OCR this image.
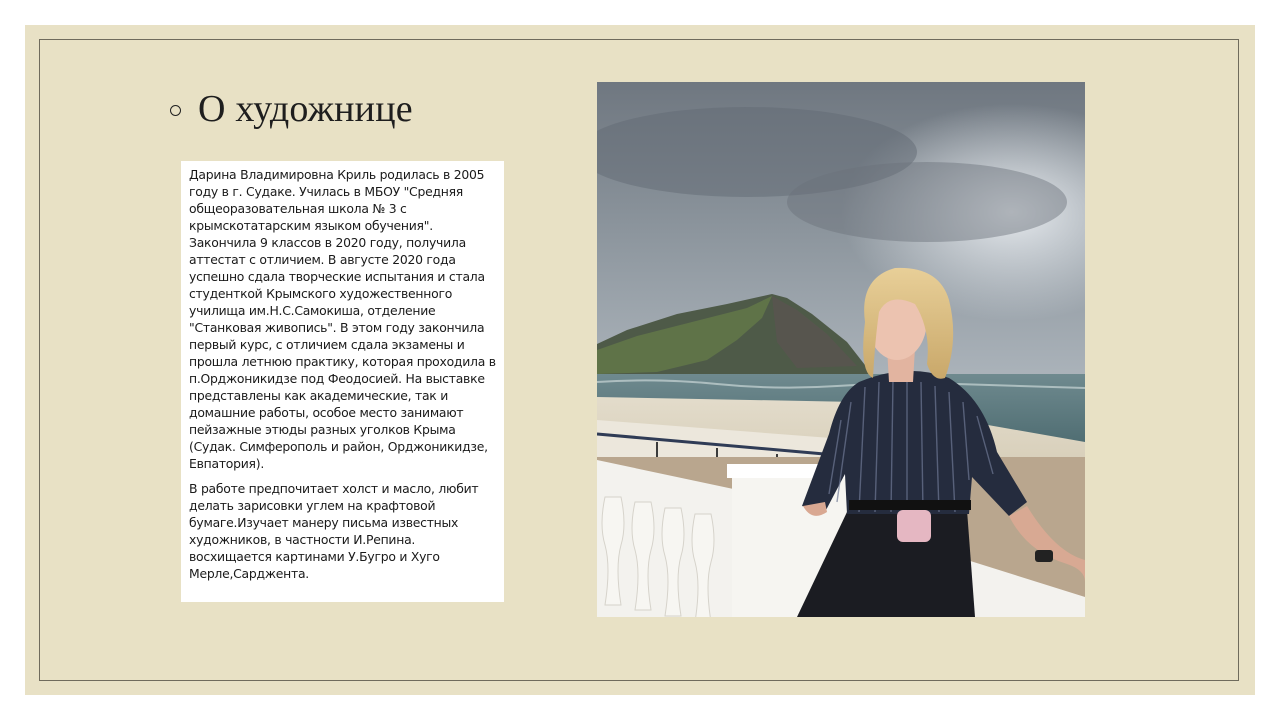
О художнице

Дарина Владимировна Криль родилась в 2005 году в г. Судаке. Училась в МБОУ "Средняя общеоразовательная школа № 3 с крымскотатарским языком обучения". Закончила 9 классов в 2020 году, получила аттестат с отличием. В августе 2020 года успешно сдала творческие испытания и стала студенткой Крымского художественного училища им.Н.С.Самокиша, отделение "Станковая живопись". В этом году закончила первый курс, с отличием сдала экзамены и прошла летнюю практику, которая проходила в п.Орджоникидзе под Феодосией. На выставке представлены как академические, так и домашние работы, особое место занимают пейзажные этюды разных уголков Крыма (Судак. Симферополь и район, Орджоникидзе, Евпатория).

В работе предпочитает холст и масло, любит делать зарисовки углем на крафтовой бумаге.Изучает манеру письма известных художников, в частности И.Репина. восхищается картинами У.Бугро и Хуго Мерле,Сарджента.
